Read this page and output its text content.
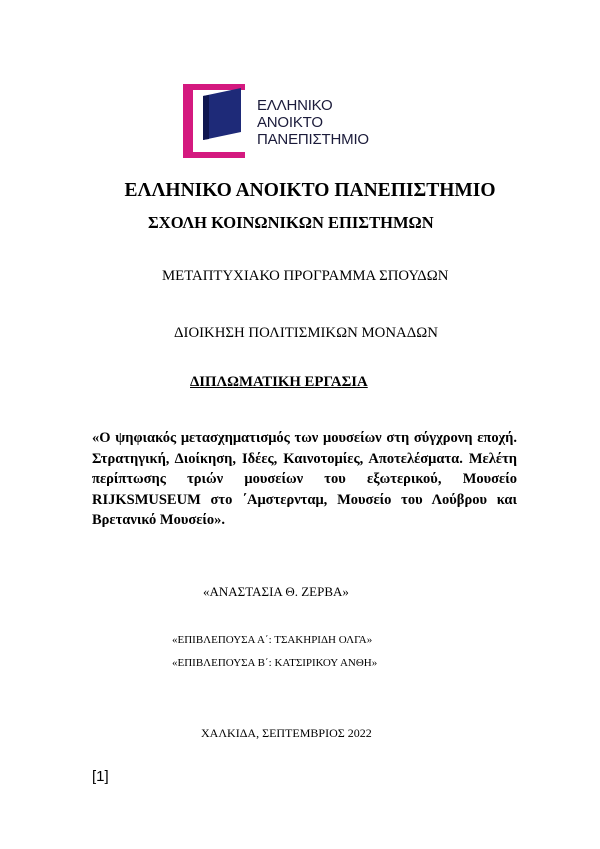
ΕΛΛΗΝΙΚΟ
ΑΝΟΙΚΤΟ
ΠΑΝΕΠΙΣΤΗΜΙΟ
ΕΛΛΗΝΙΚΟ ΑΝΟΙΚΤΟ ΠΑΝΕΠΙΣΤΗΜΙΟ
ΣΧΟΛΗ ΚΟΙΝΩΝΙΚΩΝ ΕΠΙΣΤΗΜΩΝ
ΜΕΤΑΠΤΥΧΙΑΚΟ ΠΡΟΓΡΑΜΜΑ ΣΠΟΥΔΩΝ
ΔΙΟΙΚΗΣΗ ΠΟΛΙΤΙΣΜΙΚΩΝ ΜΟΝΑΔΩΝ
ΔΙΠΛΩΜΑΤΙΚΗ ΕΡΓΑΣΙΑ
«Ο ψηφιακός μετασχηματισμός των μουσείων στη σύγχρονη εποχή. Στρατηγική, Διοίκηση, Ιδέες, Καινοτομίες, Αποτελέσματα. Μελέτη περίπτωσης τριών μουσείων του εξωτερικού, Μουσείο RIJKSMUSEUM στο ΄Αμστερνταμ, Μουσείο του Λούβρου και Βρετανικό Μουσείο».
«ΑΝΑΣΤΑΣΙΑ Θ. ΖΕΡΒΑ»
«ΕΠΙΒΛΕΠΟΥΣΑ Α΄: ΤΣΑΚΗΡΙΔΗ ΟΛΓΑ»
«ΕΠΙΒΛΕΠΟΥΣΑ Β΄: ΚΑΤΣΙΡΙΚΟΥ ΑΝΘΗ»
ΧΑΛΚΙΔΑ, ΣΕΠΤΕΜΒΡΙΟΣ 2022
[1]
